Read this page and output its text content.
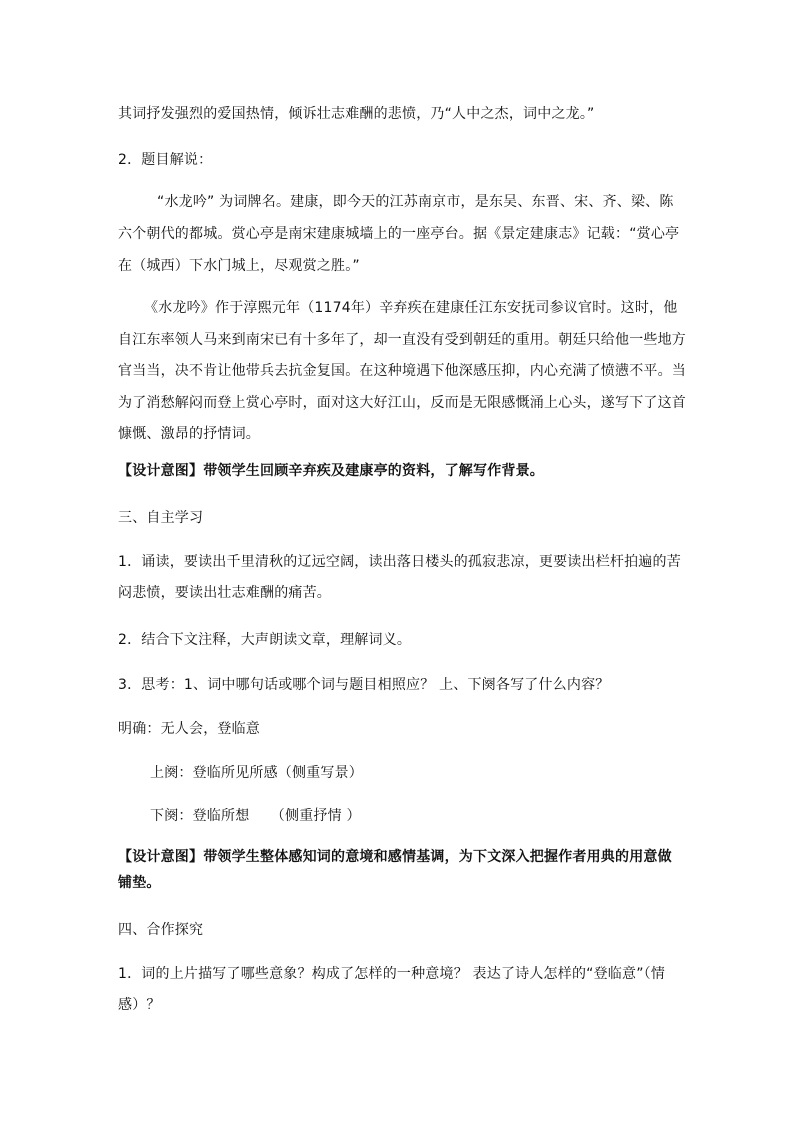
其词抒发强烈的爱国热情，倾诉壮志难酬的悲愤，乃“人中之杰，词中之龙。”
2．题目解说：
“水龙吟” 为词牌名。建康，即今天的江苏南京市，是东吴、东晋、宋、齐、梁、陈
六个朝代的都城。赏心亭是南宋建康城墙上的一座亭台。据《景定建康志》记载：“赏心亭
在（城西）下水门城上，尽观赏之胜。”
《水龙吟》作于淳熙元年（1174年）辛弃疾在建康任江东安抚司参议官时。这时，他
自江东率领人马来到南宋已有十多年了，却一直没有受到朝廷的重用。朝廷只给他一些地方
官当当，决不肯让他带兵去抗金复国。在这种境遇下他深感压抑，内心充满了愤懑不平。当
为了消愁解闷而登上赏心亭时，面对这大好江山，反而是无限感慨涌上心头，遂写下了这首
慷慨、激昂的抒情词。
【设计意图】带领学生回顾辛弃疾及建康亭的资料，了解写作背景。
三、自主学习
1．诵读，要读出千里清秋的辽远空阔，读出落日楼头的孤寂悲凉，更要读出栏杆拍遍的苦
闷悲愤，要读出壮志难酬的痛苦。
2．结合下文注释，大声朗读文章，理解词义。
3．思考：1、词中哪句话或哪个词与题目相照应？ 上、下阕各写了什么内容？
明确：无人会，登临意
上阕：登临所见所感（侧重写景）
下阕：登临所想　　（侧重抒情 ）
【设计意图】带领学生整体感知词的意境和感情基调，为下文深入把握作者用典的用意做
铺垫。
四、合作探究
1．词的上片描写了哪些意象？构成了怎样的一种意境？ 表达了诗人怎样的“登临意”（情
感）？
